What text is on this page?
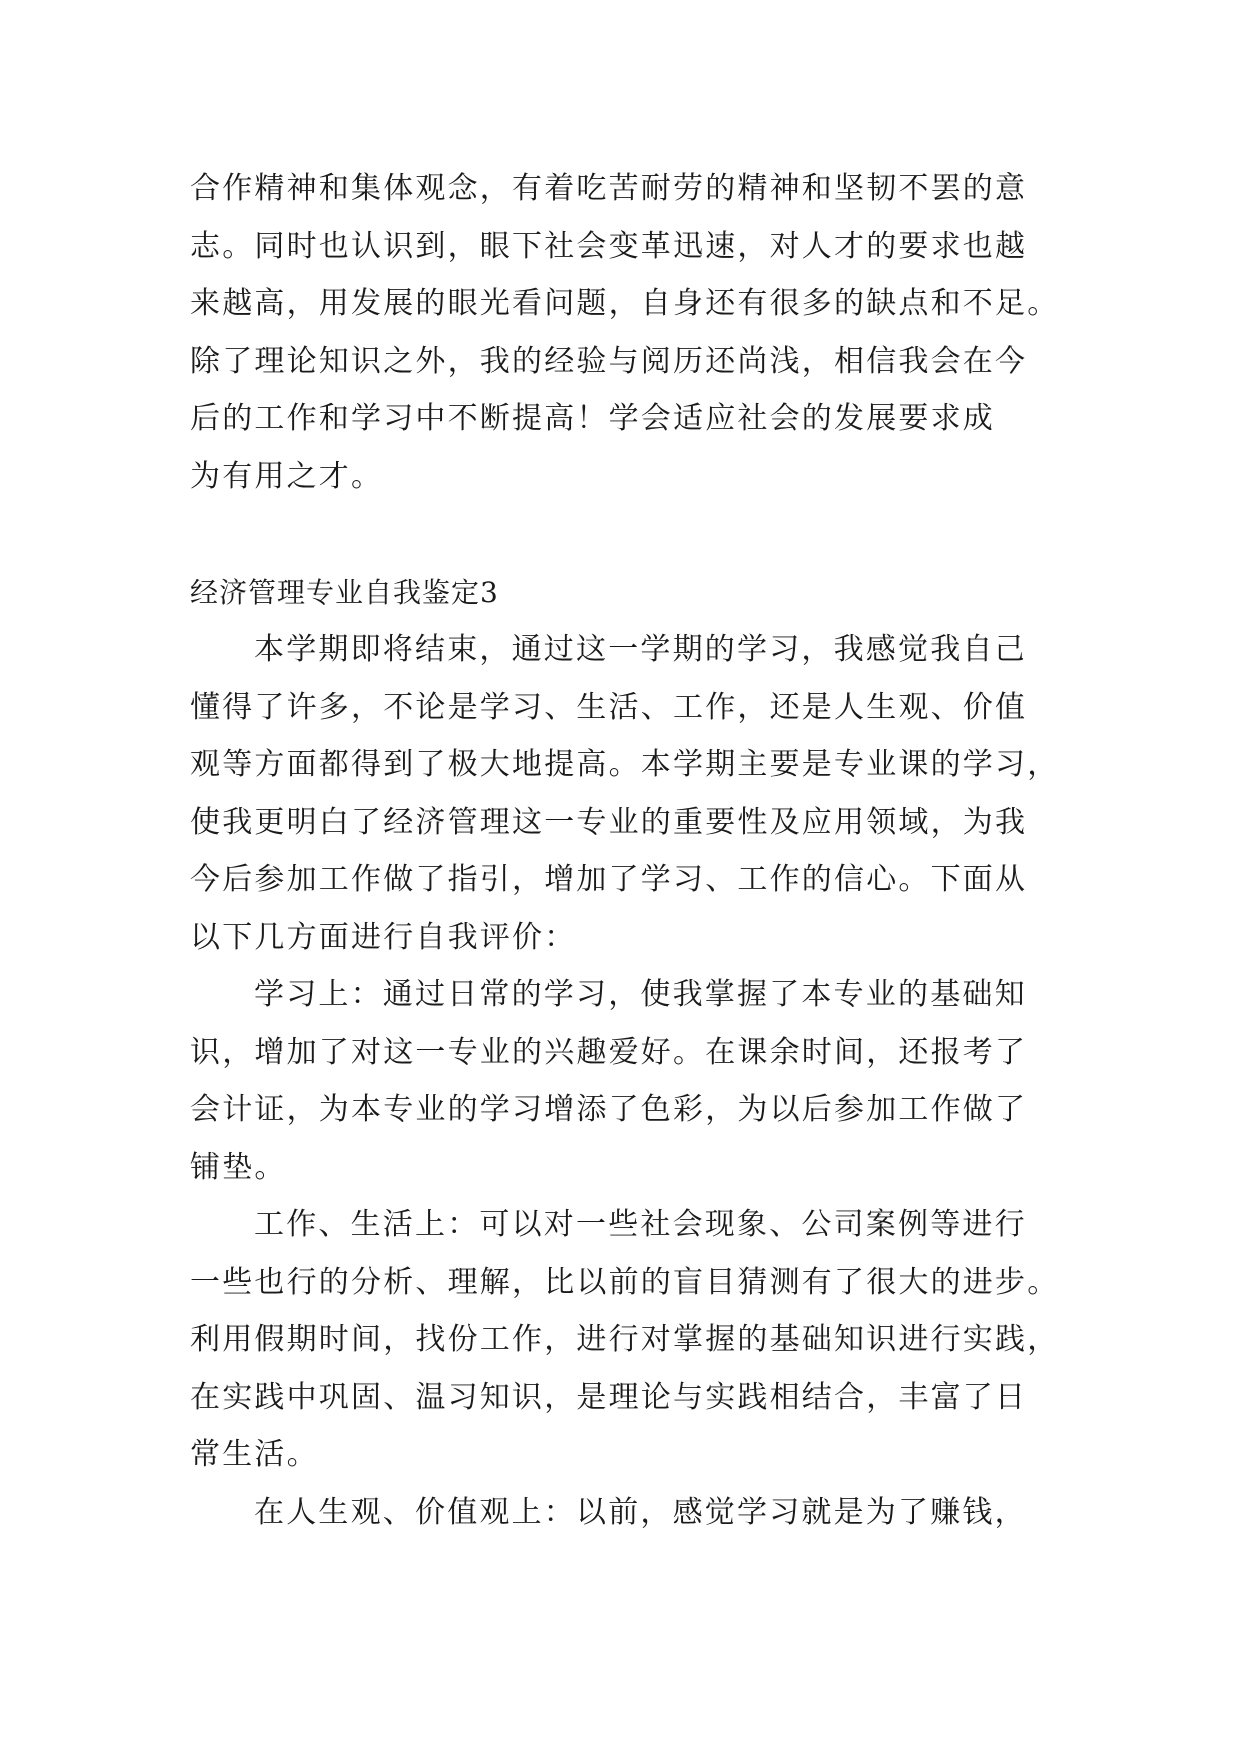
合作精神和集体观念，有着吃苦耐劳的精神和坚韧不罢的意
志。同时也认识到，眼下社会变革迅速，对人才的要求也越
来越高，用发展的眼光看问题，自身还有很多的缺点和不足。
除了理论知识之外，我的经验与阅历还尚浅，相信我会在今
后的工作和学习中不断提高！学会适应社会的发展要求成
为有用之才。
经济管理专业自我鉴定3
本学期即将结束，通过这一学期的学习，我感觉我自己
懂得了许多，不论是学习、生活、工作，还是人生观、价值
观等方面都得到了极大地提高。本学期主要是专业课的学习，
使我更明白了经济管理这一专业的重要性及应用领域，为我
今后参加工作做了指引，增加了学习、工作的信心。下面从
以下几方面进行自我评价：
学习上：通过日常的学习，使我掌握了本专业的基础知
识，增加了对这一专业的兴趣爱好。在课余时间，还报考了
会计证，为本专业的学习增添了色彩，为以后参加工作做了
铺垫。
工作、生活上：可以对一些社会现象、公司案例等进行
一些也行的分析、理解，比以前的盲目猜测有了很大的进步。
利用假期时间，找份工作，进行对掌握的基础知识进行实践，
在实践中巩固、温习知识，是理论与实践相结合，丰富了日
常生活。
在人生观、价值观上：以前，感觉学习就是为了赚钱，
